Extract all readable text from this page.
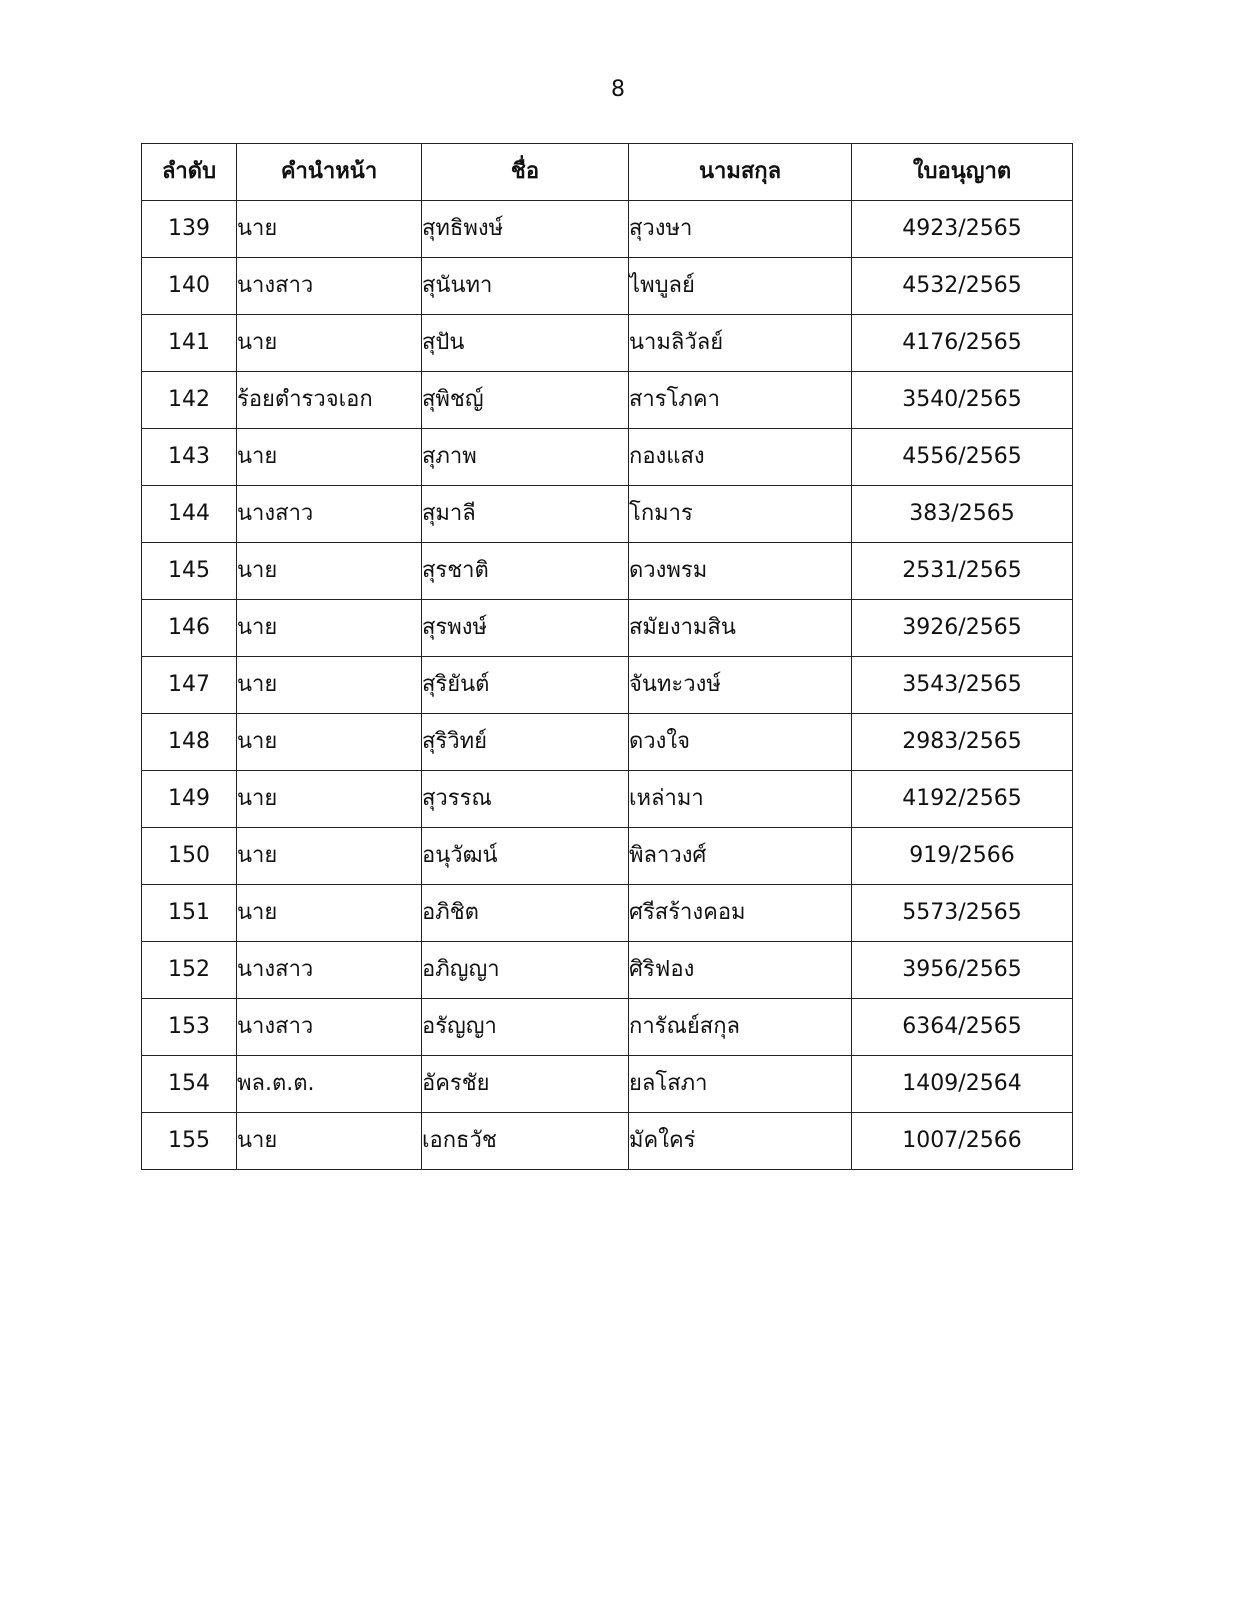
8
ลำดับ	คำนำหน้า	ชื่อ	นามสกุล	ใบอนุญาต
139	นาย	สุทธิพงษ์	สุวงษา	4923/2565
140	นางสาว	สุนันทา	ไพบูลย์	4532/2565
141	นาย	สุปัน	นามลิวัลย์	4176/2565
142	ร้อยตำรวจเอก	สุพิชญ์	สารโภคา	3540/2565
143	นาย	สุภาพ	กองแสง	4556/2565
144	นางสาว	สุมาลี	โกมาร	383/2565
145	นาย	สุรชาติ	ดวงพรม	2531/2565
146	นาย	สุรพงษ์	สมัยงามสิน	3926/2565
147	นาย	สุริยันต์	จันทะวงษ์	3543/2565
148	นาย	สุริวิทย์	ดวงใจ	2983/2565
149	นาย	สุวรรณ	เหล่ามา	4192/2565
150	นาย	อนุวัฒน์	พิลาวงศ์	919/2566
151	นาย	อภิชิต	ศรีสร้างคอม	5573/2565
152	นางสาว	อภิญญา	ศิริฟอง	3956/2565
153	นางสาว	อรัญญา	การัณย์สกุล	6364/2565
154	พล.ต.ต.	อัครชัย	ยลโสภา	1409/2564
155	นาย	เอกธวัช	มัคใคร่	1007/2566
